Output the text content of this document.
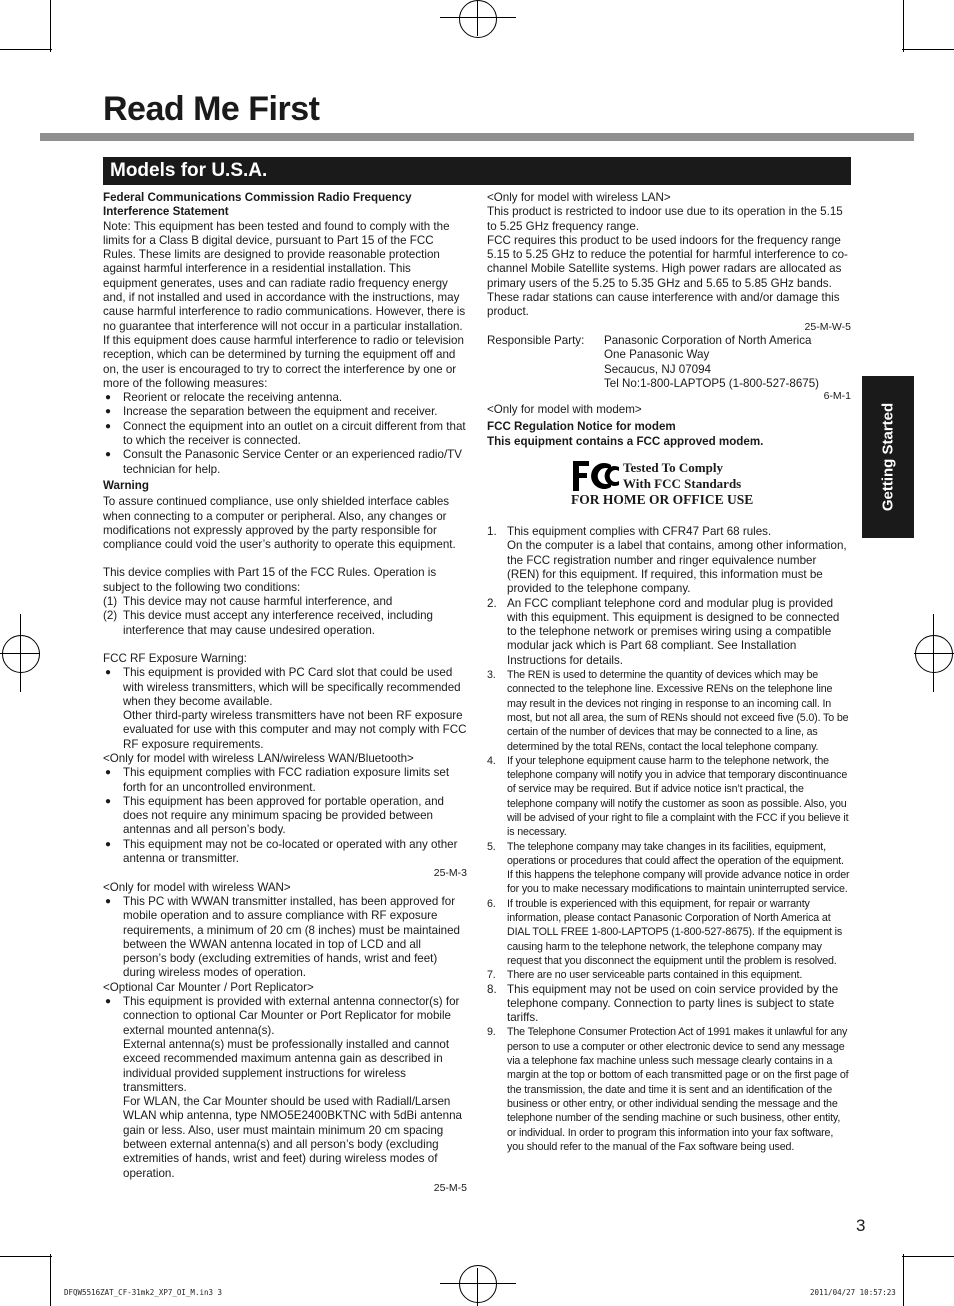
Read Me First
Models for U.S.A.
Getting Started

Federal Communications Commission Radio Frequency Interference Statement

Note: This equipment has been tested and found to comply with the limits for a Class B digital device, pursuant to Part 15 of the FCC Rules. These limits are designed to provide reasonable protection against harmful interference in a residential installation. This equipment generates, uses and can radiate radio frequency energy and, if not installed and used in accordance with the instructions, may cause harmful interference to radio communications. However, there is no guarantee that interference will not occur in a particular installation. If this equipment does cause harmful interference to radio or television reception, which can be determined by turning the equipment off and on, the user is encouraged to try to correct the interference by one or more of the following measures:

● Reorient or relocate the receiving antenna.
● Increase the separation between the equipment and receiver.
● Connect the equipment into an outlet on a circuit different from that to which the receiver is connected.
● Consult the Panasonic Service Center or an experienced radio/TV technician for help.

Warning

To assure continued compliance, use only shielded interface cables when connecting to a computer or peripheral. Also, any changes or modifications not expressly approved by the party responsible for compliance could void the user’s authority to operate this equipment.

This device complies with Part 15 of the FCC Rules. Operation is subject to the following two conditions:

(1) This device may not cause harmful interference, and
(2) This device must accept any interference received, including interference that may cause undesired operation.

FCC RF Exposure Warning:

● This equipment is provided with PC Card slot that could be used with wireless transmitters, which will be specifically recommended when they become available.
Other third-party wireless transmitters have not been RF exposure evaluated for use with this computer and may not comply with FCC RF exposure requirements.

<Only for model with wireless LAN/wireless WAN/Bluetooth>

● This equipment complies with FCC radiation exposure limits set forth for an uncontrolled environment.
● This equipment has been approved for portable operation, and does not require any minimum spacing be provided between antennas and all person’s body.
● This equipment may not be co-located or operated with any other antenna or transmitter.

25-M-3

<Only for model with wireless WAN>

● This PC with WWAN transmitter installed, has been approved for mobile operation and to assure compliance with RF exposure requirements, a minimum of 20 cm (8 inches) must be maintained between the WWAN antenna located in top of LCD and all person’s body (excluding extremities of hands, wrist and feet) during wireless modes of operation.

<Optional Car Mounter / Port Replicator>

● This equipment is provided with external antenna connector(s) for connection to optional Car Mounter or Port Replicator for mobile external mounted antenna(s).
External antenna(s) must be professionally installed and cannot exceed recommended maximum antenna gain as described in individual provided supplement instructions for wireless transmitters.
For WLAN, the Car Mounter should be used with Radiall/Larsen WLAN whip antenna, type NMO5E2400BKTNC with 5dBi antenna gain or less. Also, user must maintain minimum 20 cm spacing between external antenna(s) and all person’s body (excluding extremities of hands, wrist and feet) during wireless modes of operation.

25-M-5

<Only for model with wireless LAN>

This product is restricted to indoor use due to its operation in the 5.15 to 5.25 GHz frequency range.

FCC requires this product to be used indoors for the frequency range 5.15 to 5.25 GHz to reduce the potential for harmful interference to co-channel Mobile Satellite systems. High power radars are allocated as primary users of the 5.25 to 5.35 GHz and 5.65 to 5.85 GHz bands. These radar stations can cause interference with and/or damage this product.

25-M-W-5

Responsible Party:	Panasonic Corporation of North America
One Panasonic Way
Secaucus, NJ 07094
Tel No:1-800-LAPTOP5 (1-800-527-8675)

6-M-1

<Only for model with modem>

FCC Regulation Notice for modem

This equipment contains a FCC approved modem.

Tested To Comply
With FCC Standards
FOR HOME OR OFFICE USE
1. This equipment complies with CFR47 Part 68 rules.
On the computer is a label that contains, among other information, the FCC registration number and ringer equivalence number (REN) for this equipment. If required, this information must be provided to the telephone company.
2. An FCC compliant telephone cord and modular plug is provided with this equipment. This equipment is designed to be connected to the telephone network or premises wiring using a compatible modular jack which is Part 68 compliant. See Installation Instructions for details.
3. The REN is used to determine the quantity of devices which may be connected to the telephone line. Excessive RENs on the telephone line may result in the devices not ringing in response to an incoming call. In most, but not all area, the sum of RENs should not exceed five (5.0). To be certain of the number of devices that may be connected to a line, as determined by the total RENs, contact the local telephone company.
4. If your telephone equipment cause harm to the telephone network, the telephone company will notify you in advice that temporary discontinuance of service may be required. But if advice notice isn’t practical, the telephone company will notify the customer as soon as possible. Also, you will be advised of your right to file a complaint with the FCC if you believe it is necessary.
5. The telephone company may take changes in its facilities, equipment, operations or procedures that could affect the operation of the equipment. If this happens the telephone company will provide advance notice in order for you to make necessary modifications to maintain uninterrupted service.
6. If trouble is experienced with this equipment, for repair or warranty information, please contact Panasonic Corporation of North America at DIAL TOLL FREE 1-800-LAPTOP5 (1-800-527-8675). If the equipment is causing harm to the telephone network, the telephone company may request that you disconnect the equipment until the problem is resolved.
7. There are no user serviceable parts contained in this equipment.
8. This equipment may not be used on coin service provided by the telephone company. Connection to party lines is subject to state tariffs.
9. The Telephone Consumer Protection Act of 1991 makes it unlawful for any person to use a computer or other electronic device to send any message via a telephone fax machine unless such message clearly contains in a margin at the top or bottom of each transmitted page or on the first page of the transmission, the date and time it is sent and an identification of the business or other entry, or other individual sending the message and the telephone number of the sending machine or such business, other entity, or individual. In order to program this information into your fax software, you should refer to the manual of the Fax software being used.
3
DFQW5516ZAT_CF-31mk2_XP7_OI_M.in3 3	2011/04/27 10:57:23
